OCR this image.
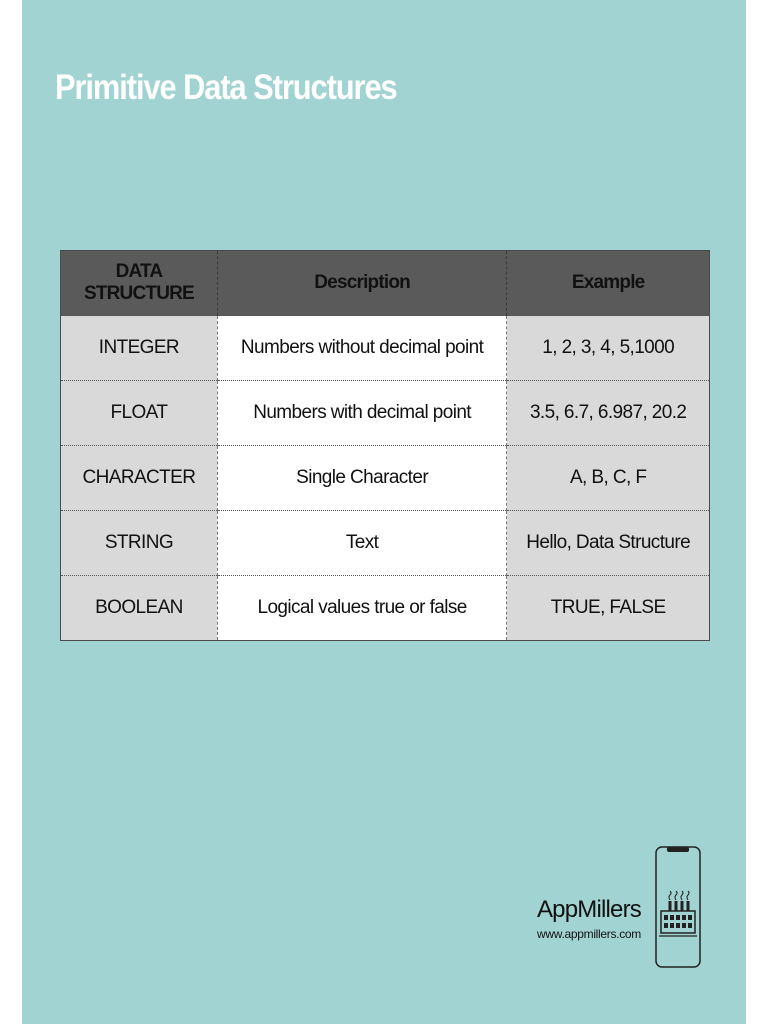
Primitive Data Structures
DATA STRUCTURE	Description	Example
INTEGER	Numbers without decimal point	1, 2, 3, 4, 5,1000
FLOAT	Numbers with decimal point	3.5, 6.7, 6.987, 20.2
CHARACTER	Single Character	A, B, C, F
STRING	Text	Hello, Data Structure
BOOLEAN	Logical values true or false	TRUE, FALSE
AppMillers
www.appmillers.com
